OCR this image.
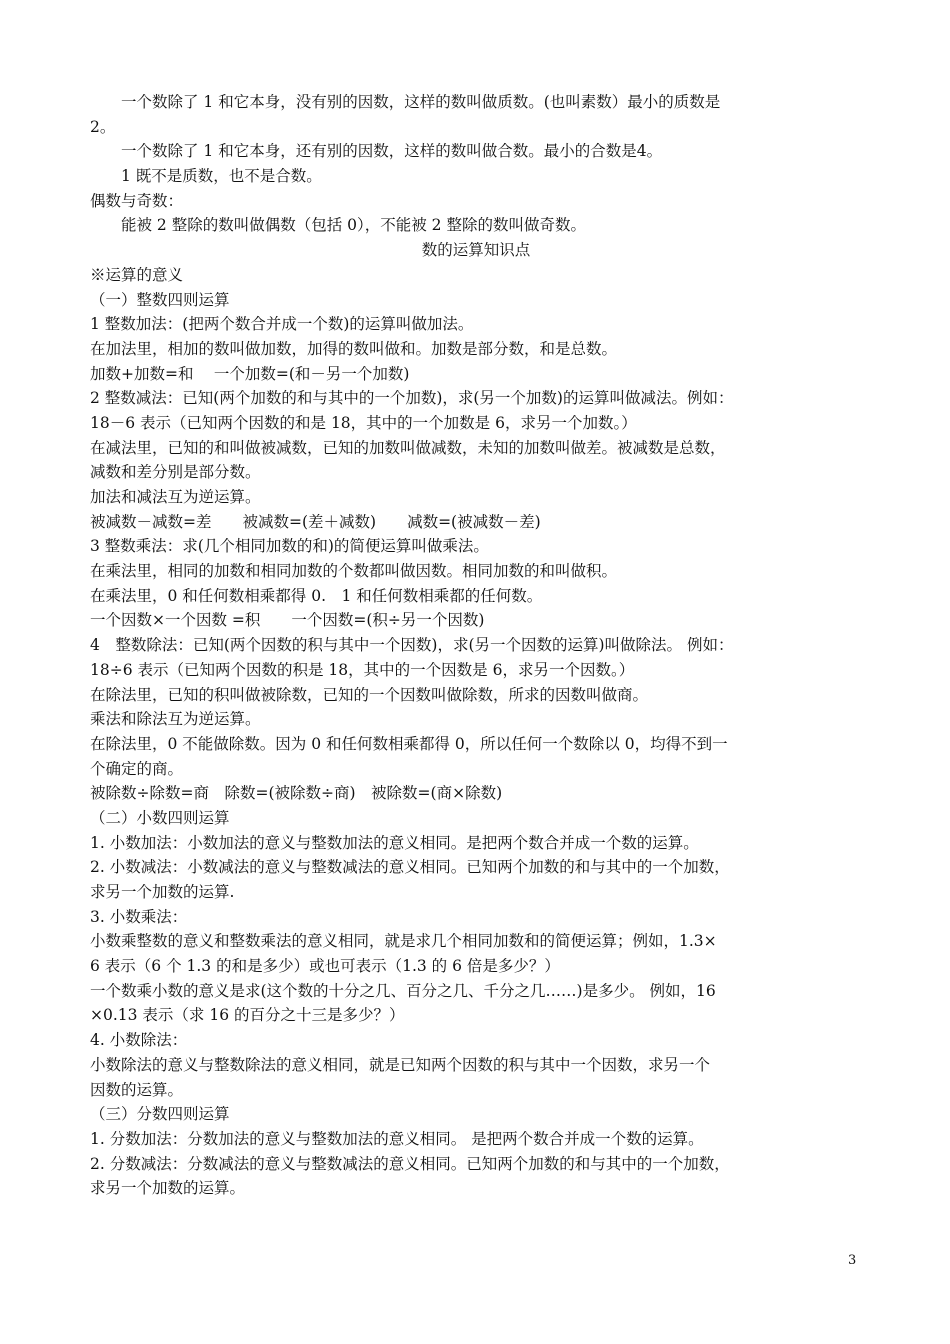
一个数除了 1 和它本身，没有别的因数，这样的数叫做质数。(也叫素数）最小的质数是
2。
一个数除了 1 和它本身，还有别的因数，这样的数叫做合数。最小的合数是4。
1 既不是质数，也不是合数。
偶数与奇数：
能被 2 整除的数叫做偶数（包括 0），不能被 2 整除的数叫做奇数。
数的运算知识点
※运算的意义
（一）整数四则运算
1 整数加法：(把两个数合并成一个数)的运算叫做加法。
在加法里，相加的数叫做加数，加得的数叫做和。加数是部分数，和是总数。
加数+加数=和　 一个加数=(和－另一个加数)
2 整数减法：已知(两个加数的和与其中的一个加数)，求(另一个加数)的运算叫做减法。例如：
18－6 表示（已知两个因数的和是 18，其中的一个加数是 6，求另一个加数。）
在减法里，已知的和叫做被减数，已知的加数叫做减数，未知的加数叫做差。被减数是总数，
减数和差分别是部分数。
加法和减法互为逆运算。
被减数－减数=差　　被减数=(差＋减数)　　减数=(被减数－差)
3 整数乘法：求(几个相同加数的和)的简便运算叫做乘法。
在乘法里，相同的加数和相同加数的个数都叫做因数。相同加数的和叫做积。
在乘法里，0 和任何数相乘都得 0.　1 和任何数相乘都的任何数。
一个因数×一个因数 =积　　一个因数=(积÷另一个因数)
4　整数除法：已知(两个因数的积与其中一个因数)，求(另一个因数的运算)叫做除法。 例如：
18÷6 表示（已知两个因数的积是 18，其中的一个因数是 6，求另一个因数。）
在除法里，已知的积叫做被除数，已知的一个因数叫做除数，所求的因数叫做商。
乘法和除法互为逆运算。
在除法里，0 不能做除数。因为 0 和任何数相乘都得 0，所以任何一个数除以 0，均得不到一
个确定的商。
被除数÷除数=商　除数=(被除数÷商)　被除数=(商×除数)
（二）小数四则运算
1. 小数加法：小数加法的意义与整数加法的意义相同。是把两个数合并成一个数的运算。
2. 小数减法：小数减法的意义与整数减法的意义相同。已知两个加数的和与其中的一个加数，
求另一个加数的运算.
3. 小数乘法：
小数乘整数的意义和整数乘法的意义相同，就是求几个相同加数和的简便运算；例如，1.3×
6 表示（6 个 1.3 的和是多少）或也可表示（1.3 的 6 倍是多少？）
一个数乘小数的意义是求(这个数的十分之几、百分之几、千分之几……)是多少。 例如，16
×0.13 表示（求 16 的百分之十三是多少？）
4. 小数除法：
小数除法的意义与整数除法的意义相同，就是已知两个因数的积与其中一个因数，求另一个
因数的运算。
（三）分数四则运算
1. 分数加法：分数加法的意义与整数加法的意义相同。 是把两个数合并成一个数的运算。
2. 分数减法：分数减法的意义与整数减法的意义相同。已知两个加数的和与其中的一个加数，
求另一个加数的运算。
3
